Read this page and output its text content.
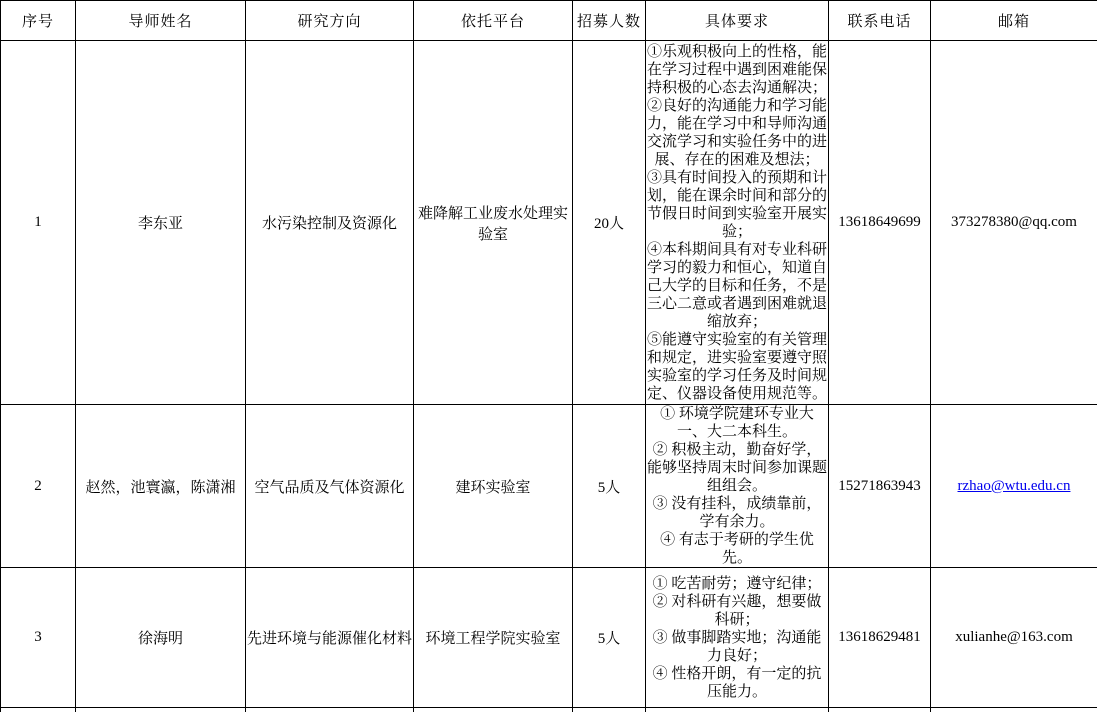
序号	导师姓名	研究方向	依托平台	招募人数	具体要求	联系电话	邮箱
1	李东亚	水污染控制及资源化	难降解工业废水处理实验室	20人	①乐观积极向上的性格，能在学习过程中遇到困难能保持积极的心态去沟通解决；
②良好的沟通能力和学习能力，能在学习中和导师沟通交流学习和实验任务中的进展、存在的困难及想法；
③具有时间投入的预期和计划，能在课余时间和部分的节假日时间到实验室开展实验；
④本科期间具有对专业科研学习的毅力和恒心，知道自己大学的目标和任务，不是三心二意或者遇到困难就退缩放弃；
⑤能遵守实验室的有关管理和规定，进实验室要遵守照实验室的学习任务及时间规定、仪器设备使用规范等。	13618649699	373278380@qq.com
2	赵然，池寰瀛，陈潇湘	空气品质及气体资源化	建环实验室	5人	① 环境学院建环专业大一、大二本科生。
② 积极主动，勤奋好学，能够坚持周末时间参加课题组组会。
③ 没有挂科，成绩靠前，学有余力。
④ 有志于考研的学生优先。	15271863943	rzhao@wtu.edu.cn
3	徐海明	先进环境与能源催化材料	环境工程学院实验室	5人	① 吃苦耐劳；遵守纪律；
② 对科研有兴趣，想要做科研；
③ 做事脚踏实地；沟通能力良好；
④ 性格开朗，有一定的抗压能力。	13618629481	xulianhe@163.com
